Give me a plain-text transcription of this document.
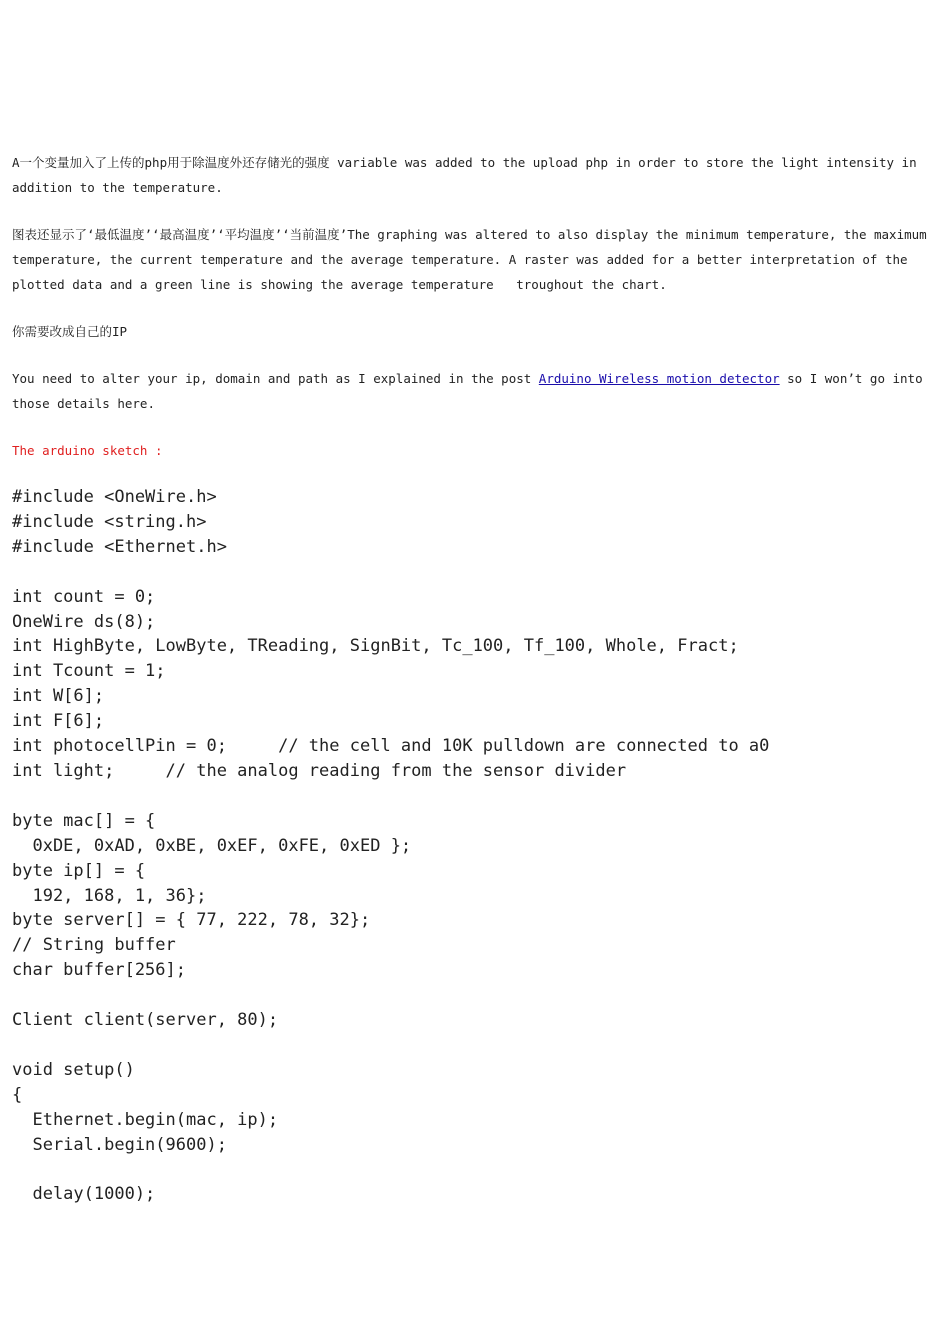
A一个变量加入了上传的php用于除温度外还存储光的强度 variable was added to the upload php in order to store the light intensity in addition to the temperature.

图表还显示了‘最低温度’‘最高温度’‘平均温度’‘当前温度’The graphing was altered to also display the minimum temperature, the maximum temperature, the current temperature and the average temperature. A raster was added for a better interpretation of the plotted data and a green line is showing the average temperature   troughout the chart.

你需要改成自己的IP

You need to alter your ip, domain and path as I explained in the post Arduino Wireless motion detector so I won’t go into those details here.

The arduino sketch :

#include <OneWire.h>
#include <string.h>
#include <Ethernet.h>

int count = 0;
OneWire ds(8);
int HighByte, LowByte, TReading, SignBit, Tc_100, Tf_100, Whole, Fract;
int Tcount = 1;
int W[6];
int F[6];
int photocellPin = 0;     // the cell and 10K pulldown are connected to a0
int light;     // the analog reading from the sensor divider

byte mac[] = {
0xDE, 0xAD, 0xBE, 0xEF, 0xFE, 0xED };
byte ip[] = {
192, 168, 1, 36};
byte server[] = { 77, 222, 78, 32};
// String buffer
char buffer[256];

Client client(server, 80);

void setup()
{
Ethernet.begin(mac, ip);
Serial.begin(9600);

delay(1000);
